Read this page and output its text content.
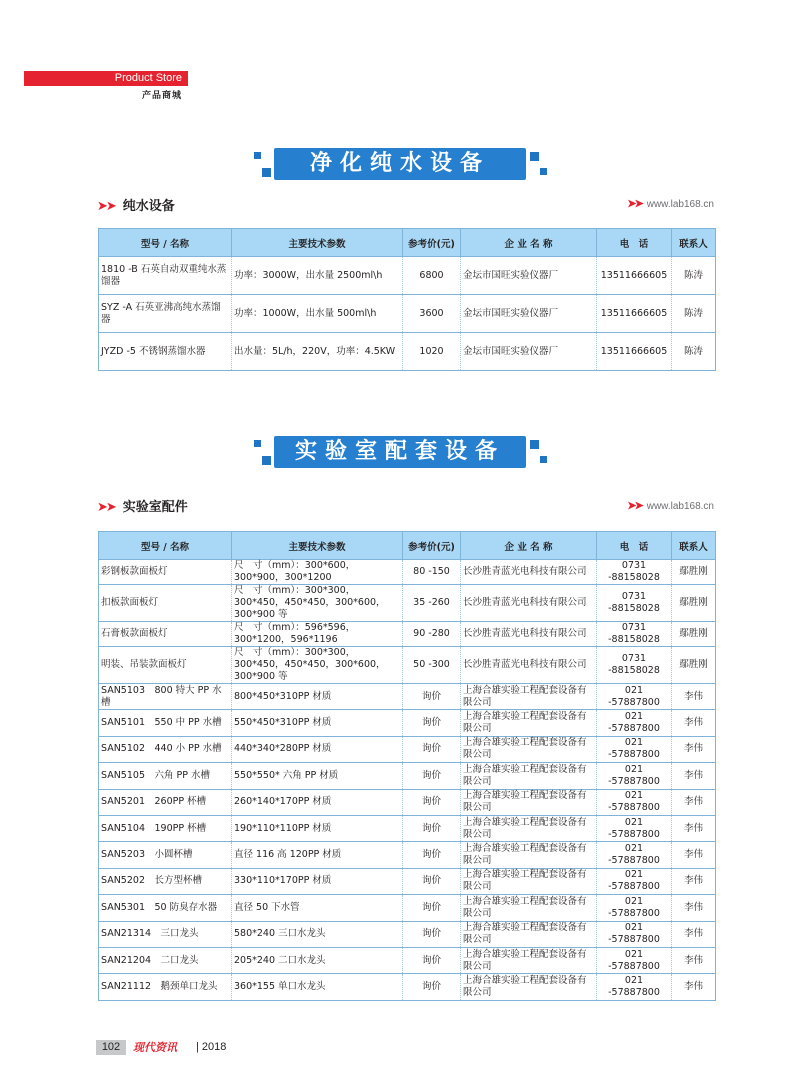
Product Store
产品商城
净化纯水设备
➤➤ 纯水设备	➤➤ www.lab168.cn
型号 / 名称	主要技术参数	参考价(元)	企 业 名 称	电　话	联系人
1810 -B 石英自动双重纯水蒸馏器	功率：3000W，出水量 2500ml\h	6800	金坛市国旺实验仪器厂	13511666605	陈涛
SYZ -A 石英亚沸高纯水蒸馏器	功率：1000W，出水量 500ml\h	3600	金坛市国旺实验仪器厂	13511666605	陈涛
JYZD -5 不锈钢蒸馏水器	出水量：5L/h，220V，功率：4.5KW	1020	金坛市国旺实验仪器厂	13511666605	陈涛
实验室配套设备
➤➤ 实验室配件	➤➤ www.lab168.cn
型号 / 名称	主要技术参数	参考价(元)	企 业 名 称	电　话	联系人
彩钢板款面板灯	尺　寸（mm）：300*600，300*900，300*1200	80 -150	长沙胜青蓝光电科技有限公司	0731 -88158028	鄢胜刚
扣板款面板灯	尺　寸（mm）：300*300，300*450，450*450，300*600，300*900 等	35 -260	长沙胜青蓝光电科技有限公司	0731 -88158028	鄢胜刚
石膏板款面板灯	尺　寸（mm）：596*596，300*1200，596*1196	90 -280	长沙胜青蓝光电科技有限公司	0731 -88158028	鄢胜刚
明装、吊装款面板灯	尺　寸（mm）：300*300，300*450，450*450，300*600，300*900 等	50 -300	长沙胜青蓝光电科技有限公司	0731 -88158028	鄢胜刚
SAN5103　800 特大 PP 水槽	800*450*310PP 材质	询价	上海合雄实验工程配套设备有限公司	021 -57887800	李伟
SAN5101　550 中 PP 水槽	550*450*310PP 材质	询价	上海合雄实验工程配套设备有限公司	021 -57887800	李伟
SAN5102　440 小 PP 水槽	440*340*280PP 材质	询价	上海合雄实验工程配套设备有限公司	021 -57887800	李伟
SAN5105　六角 PP 水槽	550*550* 六角 PP 材质	询价	上海合雄实验工程配套设备有限公司	021 -57887800	李伟
SAN5201　260PP 杯槽	260*140*170PP 材质	询价	上海合雄实验工程配套设备有限公司	021 -57887800	李伟
SAN5104　190PP 杯槽	190*110*110PP 材质	询价	上海合雄实验工程配套设备有限公司	021 -57887800	李伟
SAN5203　小圆杯槽	直径 116 高 120PP 材质	询价	上海合雄实验工程配套设备有限公司	021 -57887800	李伟
SAN5202　长方型杯槽	330*110*170PP 材质	询价	上海合雄实验工程配套设备有限公司	021 -57887800	李伟
SAN5301　50 防臭存水器	直径 50 下水管	询价	上海合雄实验工程配套设备有限公司	021 -57887800	李伟
SAN21314　三口龙头	580*240 三口水龙头	询价	上海合雄实验工程配套设备有限公司	021 -57887800	李伟
SAN21204　二口龙头	205*240 二口水龙头	询价	上海合雄实验工程配套设备有限公司	021 -57887800	李伟
SAN21112　鹅颈单口龙头	360*155 单口水龙头	询价	上海合雄实验工程配套设备有限公司	021 -57887800	李伟
102	现代资讯 | 2018
